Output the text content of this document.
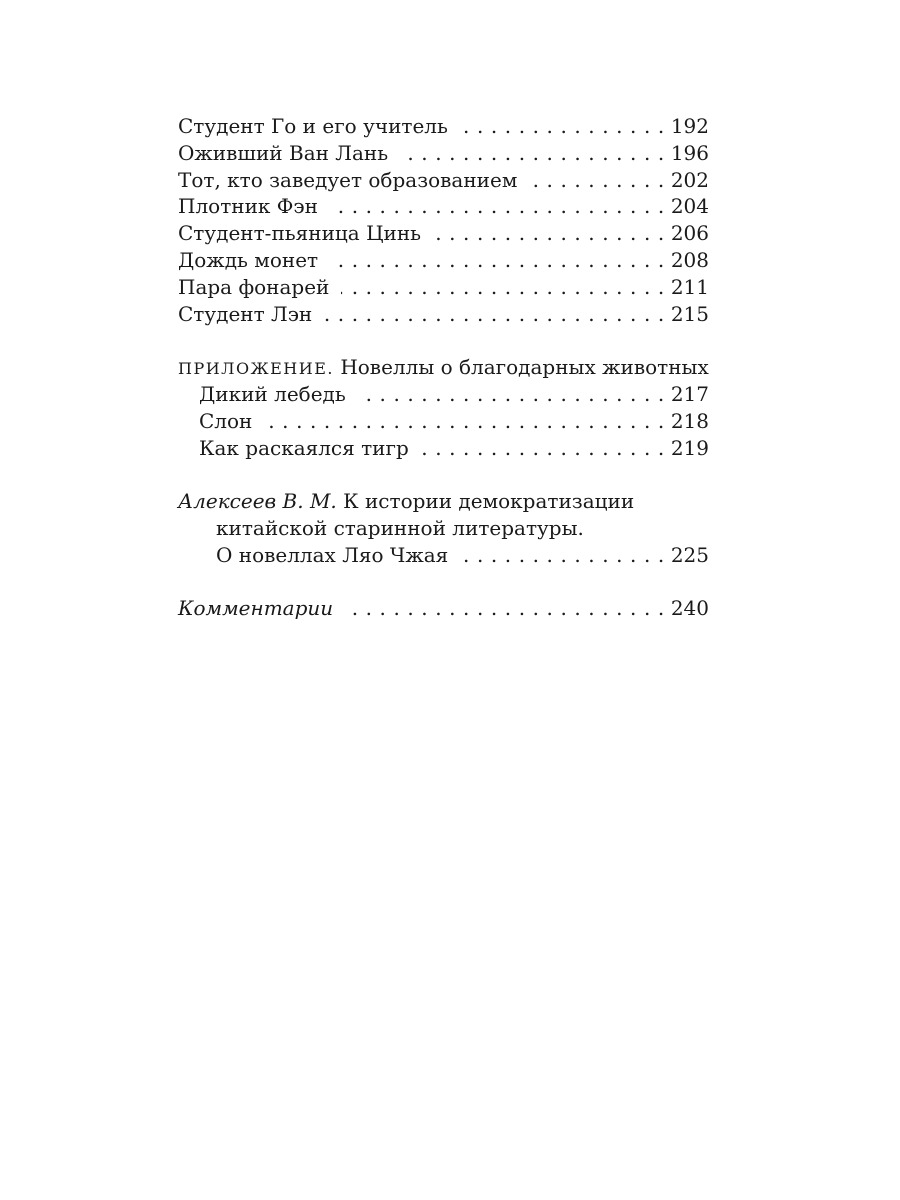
Студент Го и его учитель . . .	192
Оживший Ван Лань . . .	196
Тот, кто заведует образованием . . .	202
Плотник Фэн . . .	204
Студент-пьяница Цинь . . .	206
Дождь монет . . .	208
Пара фонарей . . .	211
Студент Лэн . . .	215
ПРИЛОЖЕНИЕ. Новеллы о благодарных животных
Дикий лебедь . . .	217
Слон . . .	218
Как раскаялся тигр . . .	219
Алексеев В. М. К истории демократизации
китайской старинной литературы.
О новеллах Ляо Чжая . . .	225
Комментарии . . .	240
